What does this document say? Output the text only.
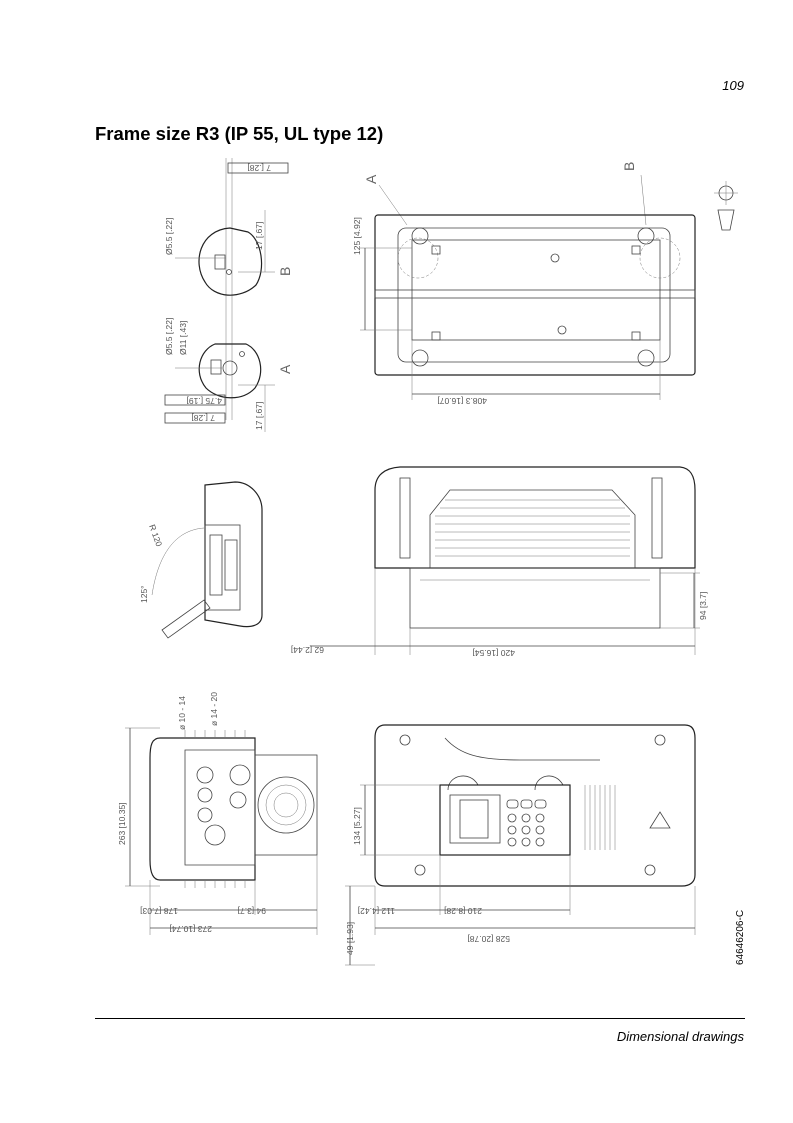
109
Frame size R3 (IP 55, UL type 12)
7 [.28]
Ø5.5 [.22]	17 [.67]
B
Ø5.5 [.22] Ø11 [.43]
A
17 [.67]
4.75 [.19]
7 [.28]
A
B
125 [4.92]
408.3 [16.07]
R 120
125°	94 [3.7]
62 [2.44]	420 [16.54]
ø 10 - 14	ø 14 - 20
263 [10.35]
178 [7.03]	94 [3.7]
273 [10.74]
134 [5.27]
112 [4.42]	210 [8.28]
528 [20.78]
49 [1.93]	64646206-C
Dimensional drawings
